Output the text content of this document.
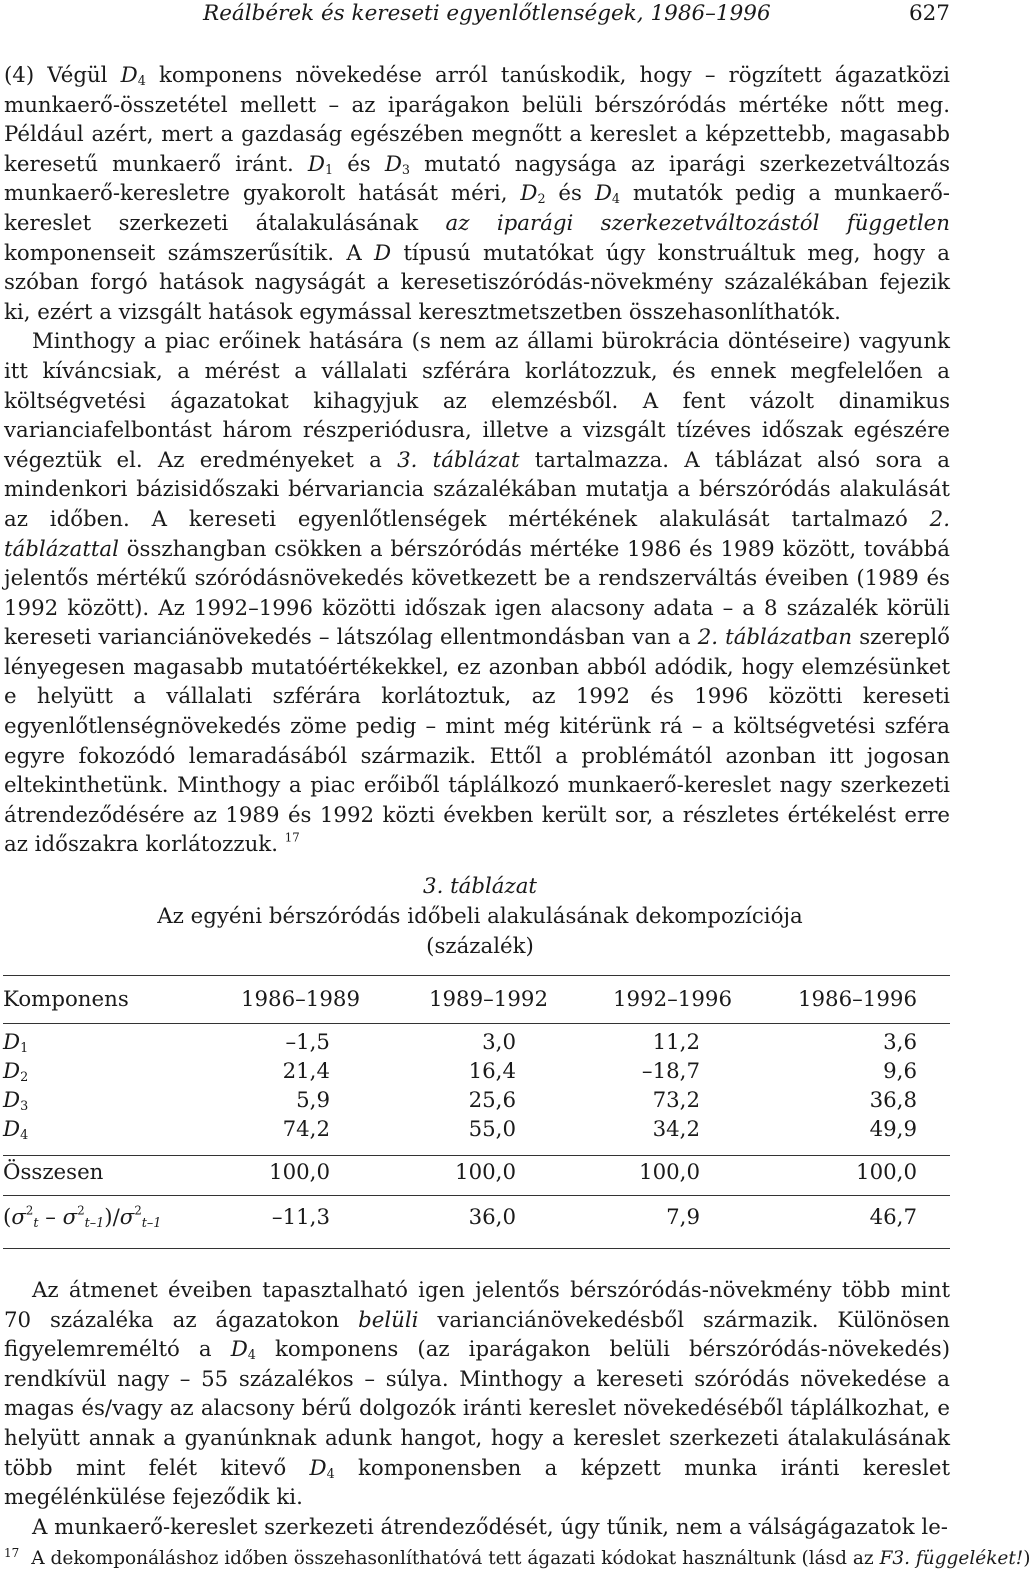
Reálbérek és kereseti egyenlőtlenségek, 1986–1996	627

(4) Végül $D_4$ komponens növekedése arról tanúskodik, hogy – rögzített ágazatközi munkaerő-összetétel mellett – az iparágakon belüli bérszóródás mértéke nőtt meg. Például azért, mert a gazdaság egészében megnőtt a kereslet a képzettebb, magasabb keresetű munkaerő iránt. $D_1$ és $D_3$ mutató nagysága az iparági szerkezetváltozás munkaerő-keresletre gyakorolt hatását méri, $D_2$ és $D_4$ mutatók pedig a munkaerő-kereslet szerkezeti átalakulásának az iparági szerkezetváltozástól független komponenseit számszerűsítik. A D típusú mutatókat úgy konstruáltuk meg, hogy a szóban forgó hatások nagyságát a keresetiszóródás-növekmény százalékában fejezik ki, ezért a vizsgált hatások egymással keresztmetszetben összehasonlíthatók.

Minthogy a piac erőinek hatására (s nem az állami bürokrácia döntéseire) vagyunk itt kíváncsiak, a mérést a vállalati szférára korlátozzuk, és ennek megfelelően a költségvetési ágazatokat kihagyjuk az elemzésből. A fent vázolt dinamikus varianciafelbontást három részperiódusra, illetve a vizsgált tízéves időszak egészére végeztük el. Az eredményeket a 3. táblázat tartalmazza. A táblázat alsó sora a mindenkori bázisidőszaki bérvariancia százalékában mutatja a bérszóródás alakulását az időben. A kereseti egyenlőtlenségek mértékének alakulását tartalmazó 2. táblázattal összhangban csökken a bérszóródás mértéke 1986 és 1989 között, továbbá jelentős mértékű szóródásnövekedés következett be a rendszerváltás éveiben (1989 és 1992 között). Az 1992–1996 közötti időszak igen alacsony adata – a 8 százalék körüli kereseti varianciánövekedés – látszólag ellentmondásban van a 2. táblázatban szereplő lényegesen magasabb mutatóértékekkel, ez azonban abból adódik, hogy elemzésünket e helyütt a vállalati szférára korlátoztuk, az 1992 és 1996 közötti kereseti egyenlőtlenségnövekedés zöme pedig – mint még kitérünk rá – a költségvetési szféra egyre fokozódó lemaradásából származik. Ettől a problémától azonban itt jogosan eltekinthetünk. Minthogy a piac erőiből táplálkozó munkaerő-kereslet nagy szerkezeti átrendeződésére az 1989 és 1992 közti években került sor, a részletes értékelést erre az időszakra korlátozzuk. $^{17}$

3. táblázat
Az egyéni bérszóródás időbeli alakulásának dekompozíciója
(százalék)
Komponens	1986–1989	1989–1992	1992–1996	1986–1996
$D_1$	–1,5	3,0	11,2	3,6
$D_2$	21,4	16,4	–18,7	9,6
$D_3$	5,9	25,6	73,2	36,8
$D_4$	74,2	55,0	34,2	49,9
Összesen	100,0	100,0	100,0	100,0
$(\sigma^2_t - \sigma^2_{t-1})/\sigma^2_{t-1}$	–11,3	36,0	7,9	46,7

Az átmenet éveiben tapasztalható igen jelentős bérszóródás-növekmény több mint 70 százaléka az ágazatokon belüli varianciánövekedésből származik. Különösen figyelemreméltó a $D_4$ komponens (az iparágakon belüli bérszóródás-növekedés) rendkívül nagy – 55 százalékos – súlya. Minthogy a kereseti szóródás növekedése a magas és/vagy az alacsony bérű dolgozók iránti kereslet növekedéséből táplálkozhat, e helyütt annak a gyanúnknak adunk hangot, hogy a kereslet szerkezeti átalakulásának több mint felét kitevő $D_4$ komponensben a képzett munka iránti kereslet megélénkülése fejeződik ki.

A munkaerő-kereslet szerkezeti átrendeződését, úgy tűnik, nem a válságágazatok le-

$^{17}$ A dekomponáláshoz időben összehasonlíthatóvá tett ágazati kódokat használtunk (lásd az F3. függeléket!)
